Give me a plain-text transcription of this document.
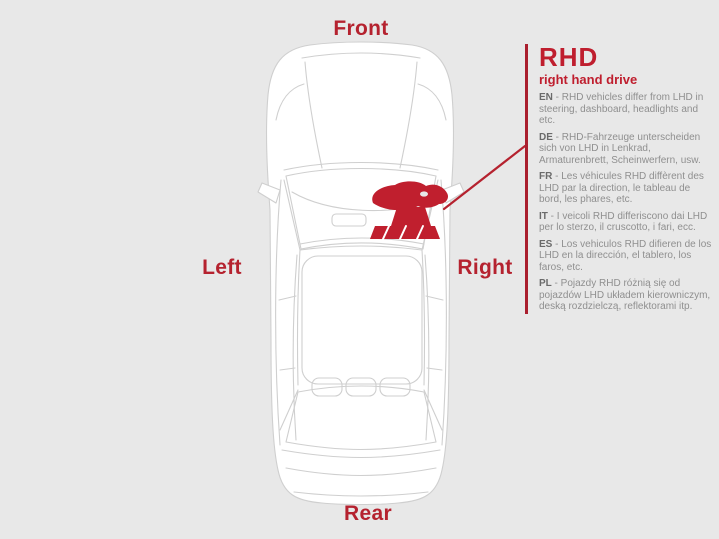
Front
Left	Right
Rear
RHD
right hand drive

EN - RHD vehicles differ from LHD in steering, dashboard, headlights and etc.

DE - RHD-Fahrzeuge unterscheiden sich von LHD in Lenkrad, Armaturenbrett, Scheinwerfern, usw.

FR - Les véhicules RHD diffèrent des LHD par la direction, le tableau de bord, les phares, etc.

IT - I veicoli RHD differiscono dai LHD per lo sterzo, il cruscotto, i fari, ecc.

ES - Los vehiculos RHD difieren de los LHD en la dirección, el tablero, los faros, etc.

PL - Pojazdy RHD różnią się od pojazdów LHD układem kierowniczym, deską rozdzielczą, reflektorami itp.
